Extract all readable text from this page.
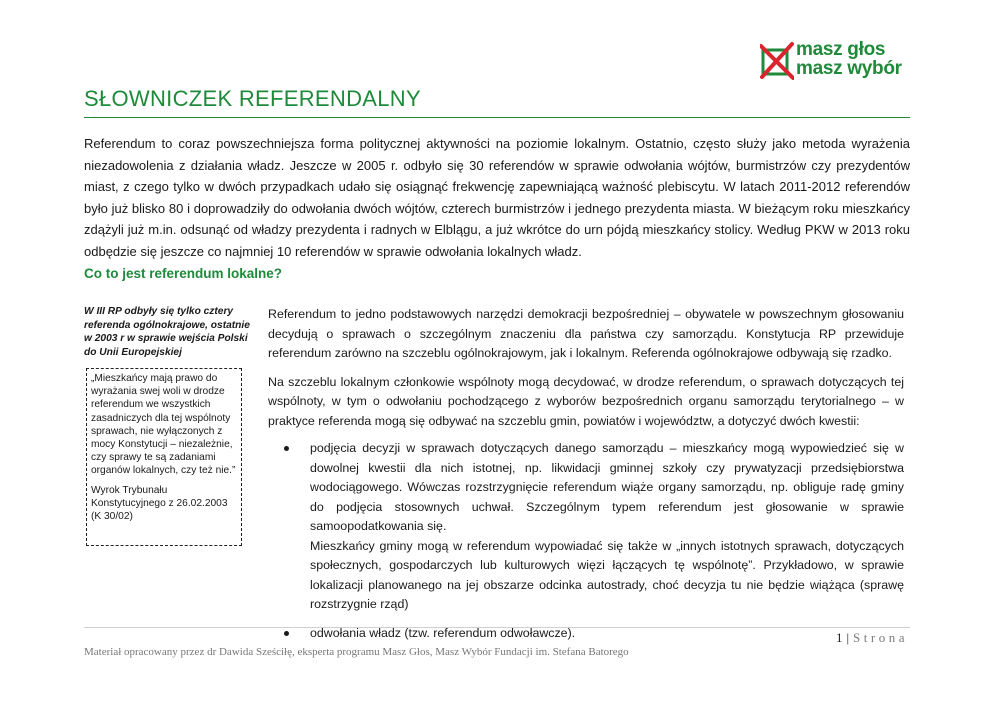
masz głos
masz wybór
SŁOWNICZEK REFERENDALNY

Referendum to coraz powszechniejsza forma politycznej aktywności na poziomie lokalnym. Ostatnio, często służy jako metoda wyrażenia niezadowolenia z działania władz. Jeszcze w 2005 r. odbyło się 30 referendów w sprawie odwołania wójtów, burmistrzów czy prezydentów miast, z czego tylko w dwóch przypadkach udało się osiągnąć frekwencję zapewniającą ważność plebiscytu. W latach 2011-2012 referendów było już blisko 80 i doprowadziły do odwołania dwóch wójtów, czterech burmistrzów i jednego prezydenta miasta. W bieżącym roku mieszkańcy zdążyli już m.in. odsunąć od władzy prezydenta i radnych w Elblągu, a już wkrótce do urn pójdą mieszkańcy stolicy. Według PKW w 2013 roku odbędzie się jeszcze co najmniej 10 referendów w sprawie odwołania lokalnych władz.

Co to jest referendum lokalne?

W III RP odbyły się tylko cztery referenda ogólnokrajowe, ostatnie w 2003 r w sprawie wejścia Polski do Unii Europejskiej

„Mieszkańcy mają prawo do wyrażania swej woli w drodze referendum we wszystkich zasadniczych dla tej wspólnoty sprawach, nie wyłączonych z mocy Konstytucji – niezależnie, czy sprawy te są zadaniami organów lokalnych, czy też nie.”

Wyrok Trybunału Konstytucyjnego z 26.02.2003 (K 30/02)

Referendum to jedno podstawowych narzędzi demokracji bezpośredniej – obywatele w powszechnym głosowaniu decydują o sprawach o szczególnym znaczeniu dla państwa czy samorządu. Konstytucja RP przewiduje referendum zarówno na szczeblu ogólnokrajowym, jak i lokalnym. Referenda ogólnokrajowe odbywają się rzadko.

Na szczeblu lokalnym członkowie wspólnoty mogą decydować, w drodze referendum, o sprawach dotyczących tej wspólnoty, w tym o odwołaniu pochodzącego z wyborów bezpośrednich organu samorządu terytorialnego – w praktyce referenda mogą się odbywać na szczeblu gmin, powiatów i województw, a dotyczyć dwóch kwestii:

podjęcia decyzji w sprawach dotyczących danego samorządu – mieszkańcy mogą wypowiedzieć się w dowolnej kwestii dla nich istotnej, np. likwidacji gminnej szkoły czy prywatyzacji przedsiębiorstwa wodociągowego. Wówczas rozstrzygnięcie referendum wiąże organy samorządu, np. obliguje radę gminy do podjęcia stosownych uchwał. Szczególnym typem referendum jest głosowanie w sprawie samoopodatkowania się.
Mieszkańcy gminy mogą w referendum wypowiadać się także w „innych istotnych sprawach, dotyczących społecznych, gospodarczych lub kulturowych więzi łączących tę wspólnotę”. Przykładowo, w sprawie lokalizacji planowanego na jej obszarze odcinka autostrady, choć decyzja tu nie będzie wiążąca (sprawę rozstrzygnie rząd)
odwołania władz (tzw. referendum odwoławcze).	1 | Strona
Materiał opracowany przez dr Dawida Sześciłę, eksperta programu Masz Głos, Masz Wybór Fundacji im. Stefana Batorego
